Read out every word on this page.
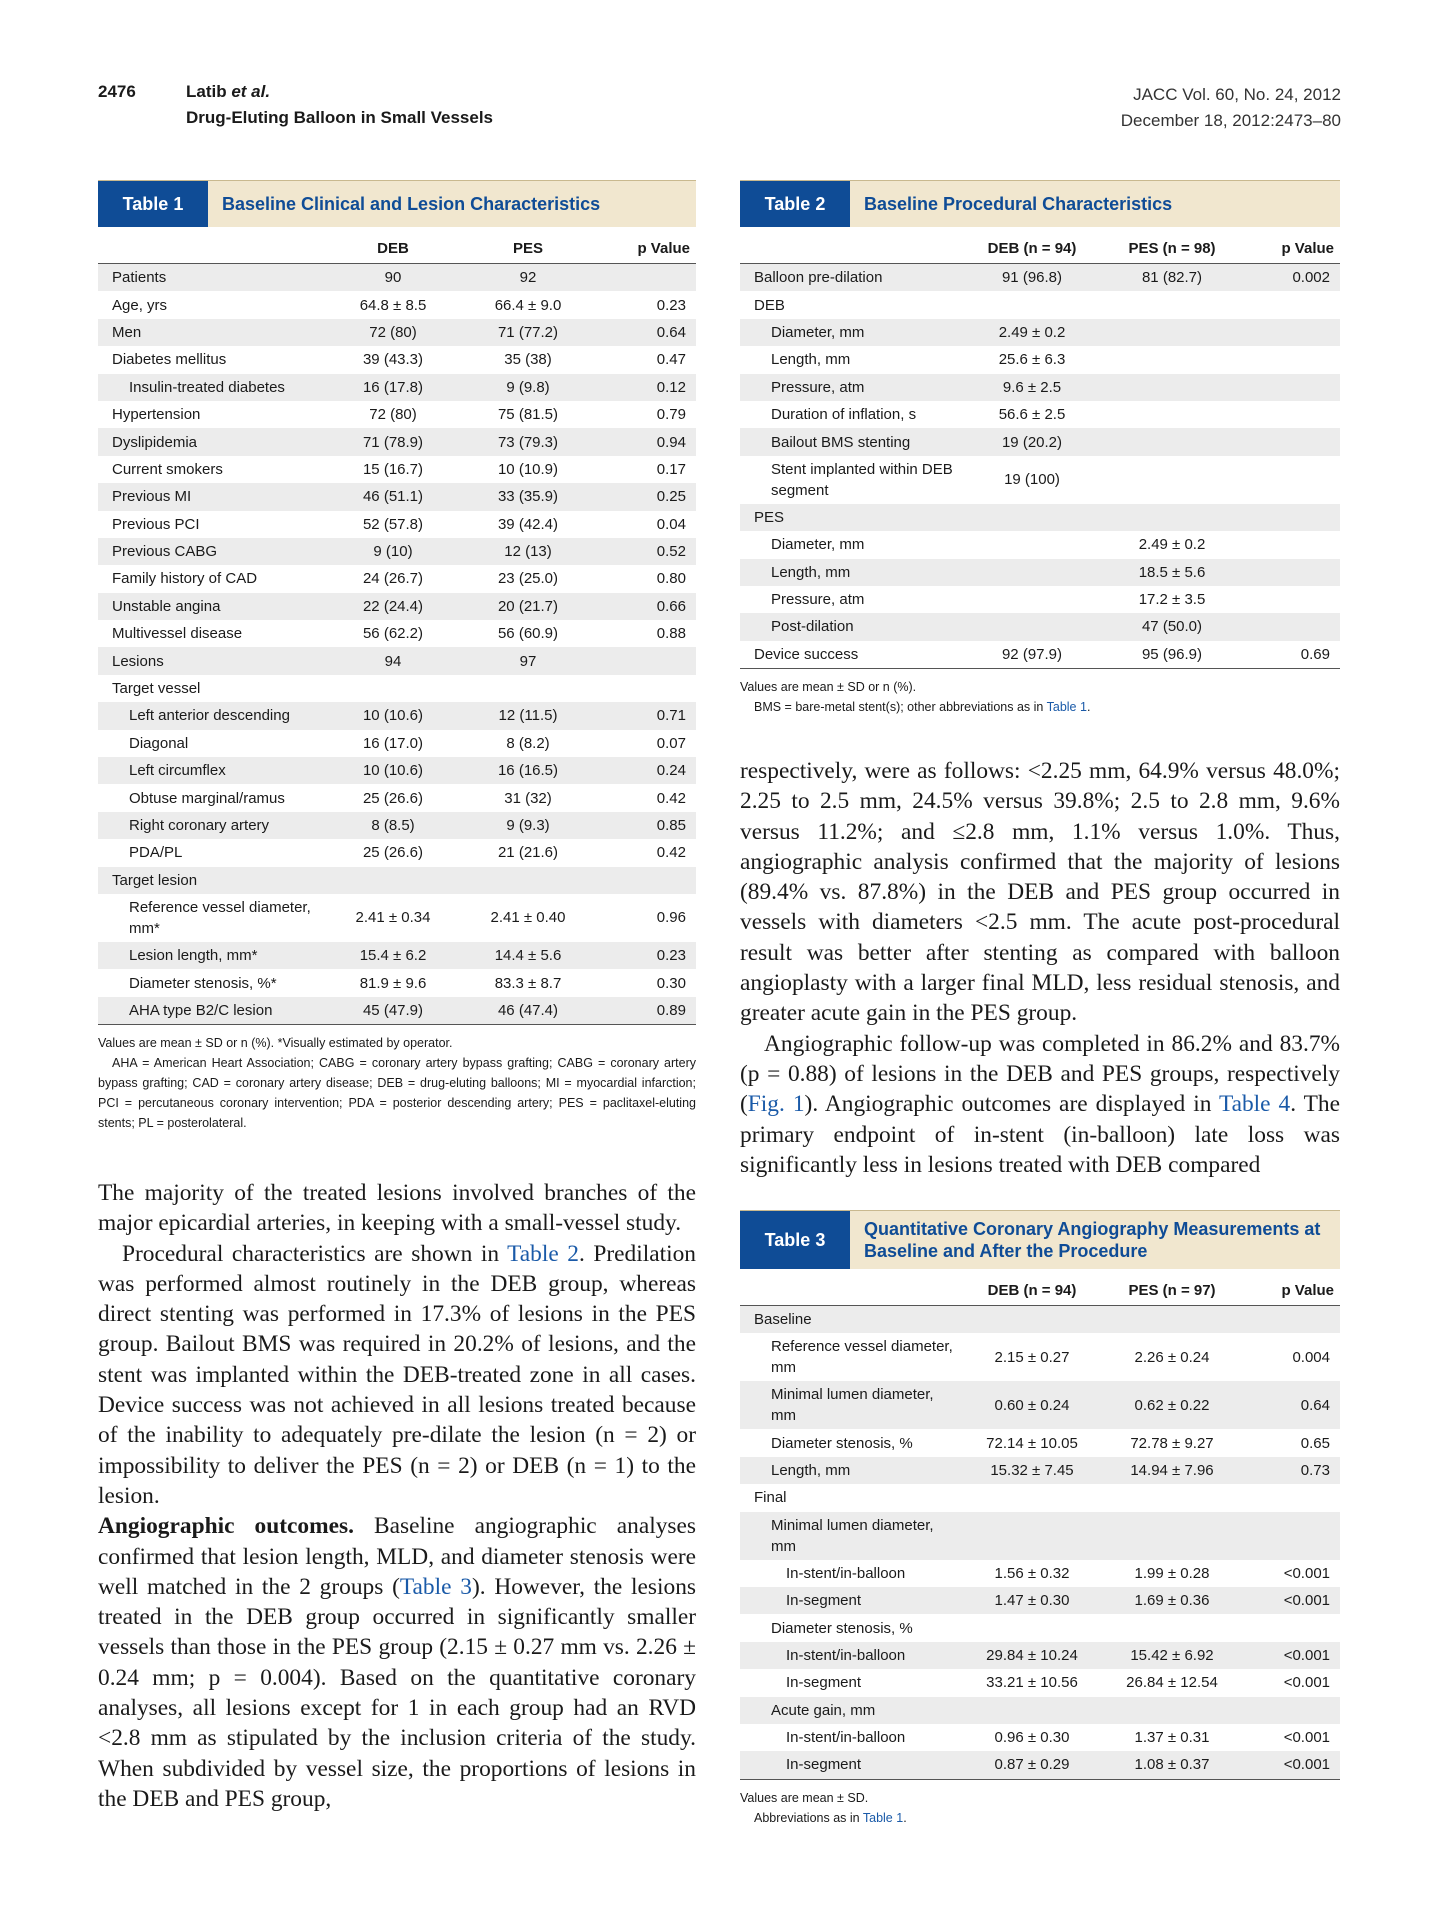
2476	Latib et al.
Drug-Eluting Balloon in Small Vessels
JACC Vol. 60, No. 24, 2012
December 18, 2012:2473–80
Table 1	Baseline Clinical and Lesion Characteristics
	DEB	PES	p Value
Patients	90	92	
Age, yrs	64.8 ± 8.5	66.4 ± 9.0	0.23
Men	72 (80)	71 (77.2)	0.64
Diabetes mellitus	39 (43.3)	35 (38)	0.47
Insulin-treated diabetes	16 (17.8)	9 (9.8)	0.12
Hypertension	72 (80)	75 (81.5)	0.79
Dyslipidemia	71 (78.9)	73 (79.3)	0.94
Current smokers	15 (16.7)	10 (10.9)	0.17
Previous MI	46 (51.1)	33 (35.9)	0.25
Previous PCI	52 (57.8)	39 (42.4)	0.04
Previous CABG	9 (10)	12 (13)	0.52
Family history of CAD	24 (26.7)	23 (25.0)	0.80
Unstable angina	22 (24.4)	20 (21.7)	0.66
Multivessel disease	56 (62.2)	56 (60.9)	0.88
Lesions	94	97	
Target vessel			
Left anterior descending	10 (10.6)	12 (11.5)	0.71
Diagonal	16 (17.0)	8 (8.2)	0.07
Left circumflex	10 (10.6)	16 (16.5)	0.24
Obtuse marginal/ramus	25 (26.6)	31 (32)	0.42
Right coronary artery	8 (8.5)	9 (9.3)	0.85
PDA/PL	25 (26.6)	21 (21.6)	0.42
Target lesion			

Reference vessel diameter, mm*	2.41 ± 0.34	2.41 ± 0.40	0.96
Lesion length, mm*	15.4 ± 6.2	14.4 ± 5.6	0.23
Diameter stenosis, %*	81.9 ± 9.6	83.3 ± 8.7	0.30
AHA type B2/C lesion	45 (47.9)	46 (47.4)	0.89
Values are mean ± SD or n (%). *Visually estimated by operator.
AHA = American Heart Association; CABG = coronary artery bypass grafting; CABG = coronary artery bypass grafting; CAD = coronary artery disease; DEB = drug-eluting balloons; MI = myocardial infarction; PCI = percutaneous coronary intervention; PDA = posterior descending artery; PES = paclitaxel-eluting stents; PL = posterolateral.

The majority of the treated lesions involved branches of the major epicardial arteries, in keeping with a small-vessel study.

Procedural characteristics are shown in Table 2. Predilation was performed almost routinely in the DEB group, whereas direct stenting was performed in 17.3% of lesions in the PES group. Bailout BMS was required in 20.2% of lesions, and the stent was implanted within the DEB-treated zone in all cases. Device success was not achieved in all lesions treated because of the inability to adequately pre-dilate the lesion (n = 2) or impossibility to deliver the PES (n = 2) or DEB (n = 1) to the lesion.

Angiographic outcomes. Baseline angiographic analyses confirmed that lesion length, MLD, and diameter stenosis were well matched in the 2 groups (Table 3). However, the lesions treated in the DEB group occurred in significantly smaller vessels than those in the PES group (2.15 ± 0.27 mm vs. 2.26 ± 0.24 mm; p = 0.004). Based on the quantitative coronary analyses, all lesions except for 1 in each group had an RVD <2.8 mm as stipulated by the inclusion criteria of the study. When subdivided by vessel size, the proportions of lesions in the DEB and PES group,

Table 2	Baseline Procedural Characteristics
	DEB (n = 94)	PES (n = 98)	p Value
Balloon pre-dilation	91 (96.8)	81 (82.7)	0.002
DEB			
Diameter, mm	2.49 ± 0.2		
Length, mm	25.6 ± 6.3		
Pressure, atm	9.6 ± 2.5		
Duration of inflation, s	56.6 ± 2.5		
Bailout BMS stenting	19 (20.2)		

Stent implanted within DEB segment	19 (100)		
PES			
Diameter, mm		2.49 ± 0.2	
Length, mm		18.5 ± 5.6	
Pressure, atm		17.2 ± 3.5	
Post-dilation		47 (50.0)	
Device success	92 (97.9)	95 (96.9)	0.69
Values are mean ± SD or n (%).
BMS = bare-metal stent(s); other abbreviations as in Table 1.

respectively, were as follows: <2.25 mm, 64.9% versus 48.0%; 2.25 to 2.5 mm, 24.5% versus 39.8%; 2.5 to 2.8 mm, 9.6% versus 11.2%; and ≤2.8 mm, 1.1% versus 1.0%. Thus, angiographic analysis confirmed that the majority of lesions (89.4% vs. 87.8%) in the DEB and PES group occurred in vessels with diameters <2.5 mm. The acute post-procedural result was better after stenting as compared with balloon angioplasty with a larger final MLD, less residual stenosis, and greater acute gain in the PES group.

Angiographic follow-up was completed in 86.2% and 83.7% (p = 0.88) of lesions in the DEB and PES groups, respectively (Fig. 1). Angiographic outcomes are displayed in Table 4. The primary endpoint of in-stent (in-balloon) late loss was significantly less in lesions treated with DEB compared

Table 3
Quantitative Coronary Angiography Measurements at Baseline and After the Procedure
	DEB (n = 94)	PES (n = 97)	p Value
Baseline			

Reference vessel diameter, mm	2.15 ± 0.27	2.26 ± 0.24	0.004

Minimal lumen diameter, mm	0.60 ± 0.24	0.62 ± 0.22	0.64
Diameter stenosis, %	72.14 ± 10.05	72.78 ± 9.27	0.65
Length, mm	15.32 ± 7.45	14.94 ± 7.96	0.73
Final			

Minimal lumen diameter, mm			

In-stent/in-balloon	1.56 ± 0.32	1.99 ± 0.28	<0.001
In-segment	1.47 ± 0.30	1.69 ± 0.36	<0.001
Diameter stenosis, %			
In-stent/in-balloon	29.84 ± 10.24	15.42 ± 6.92	<0.001
In-segment	33.21 ± 10.56	26.84 ± 12.54	<0.001
Acute gain, mm			
In-stent/in-balloon	0.96 ± 0.30	1.37 ± 0.31	<0.001
In-segment	0.87 ± 0.29	1.08 ± 0.37	<0.001
Values are mean ± SD.
Abbreviations as in Table 1.
